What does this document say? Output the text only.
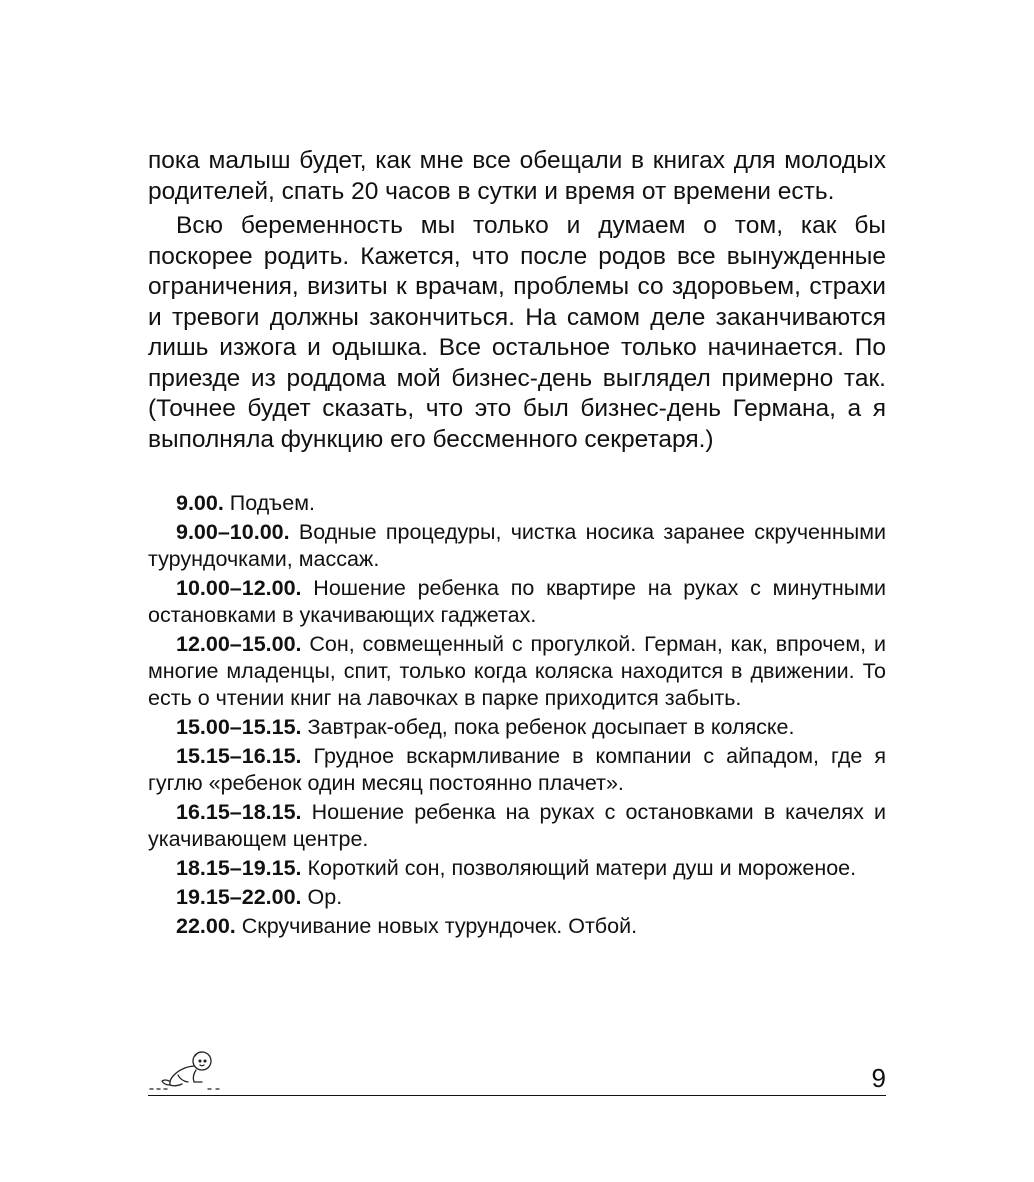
пока малыш будет, как мне все обещали в книгах для молодых родителей, спать 20 часов в сутки и время от времени есть.

Всю беременность мы только и думаем о том, как бы поскорее родить. Кажется, что после родов все вынужденные ограничения, визиты к врачам, проблемы со здоровьем, страхи и тревоги должны закончиться. На самом деле заканчиваются лишь изжога и одышка. Все остальное только начинается. По приезде из роддома мой бизнес-день выглядел примерно так. (Точнее будет сказать, что это был бизнес-день Германа, а я выполняла функцию его бессменного секретаря.)

9.00. Подъем.

9.00–10.00. Водные процедуры, чистка носика заранее скрученными турундочками, массаж.

10.00–12.00. Ношение ребенка по квартире на руках с минутными остановками в укачивающих гаджетах.

12.00–15.00. Сон, совмещенный с прогулкой. Герман, как, впрочем, и многие младенцы, спит, только когда коляска находится в движении. То есть о чтении книг на лавочках в парке приходится забыть.

15.00–15.15. Завтрак-обед, пока ребенок досыпает в коляске.

15.15–16.15. Грудное вскармливание в компании с айпадом, где я гуглю «ребенок один месяц постоянно плачет».

16.15–18.15. Ношение ребенка на руках с остановками в качелях и укачивающем центре.

18.15–19.15. Короткий сон, позволяющий матери душ и мороженое.

19.15–22.00. Ор.

22.00. Скручивание новых турундочек. Отбой.

9
